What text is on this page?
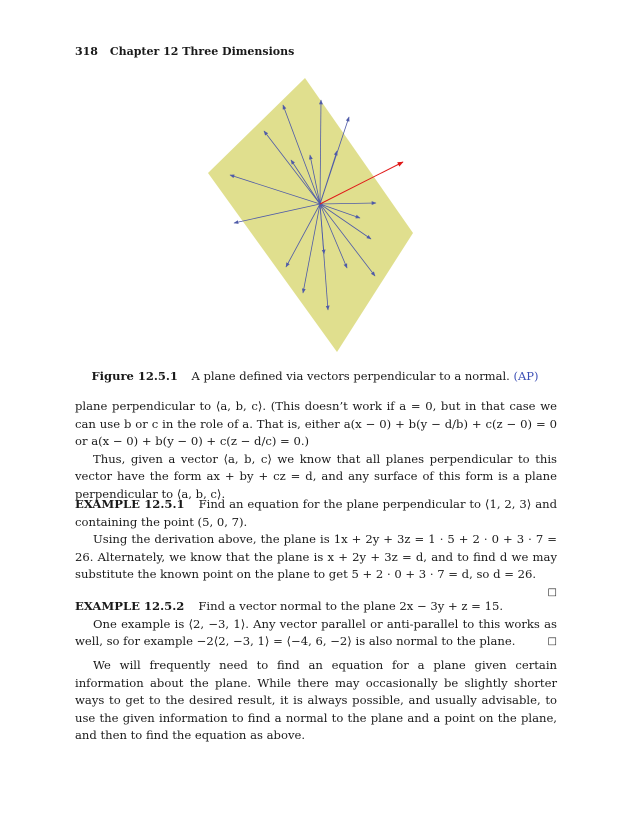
318 Chapter 12 Three Dimensions
Figure 12.5.1 A plane defined via vectors perpendicular to a normal. (AP)

plane perpendicular to ⟨a, b, c⟩. (This doesn’t work if a = 0, but in that case we can use b or c in the role of a. That is, either a(x − 0) + b(y − d/b) + c(z − 0) = 0 or a(x − 0) + b(y − 0) + c(z − d/c) = 0.)

Thus, given a vector ⟨a, b, c⟩ we know that all planes perpendicular to this vector have the form ax + by + cz = d, and any surface of this form is a plane perpendicular to ⟨a, b, c⟩.

EXAMPLE 12.5.1 Find an equation for the plane perpendicular to ⟨1, 2, 3⟩ and containing the point (5, 0, 7).

Using the derivation above, the plane is 1x + 2y + 3z = 1 · 5 + 2 · 0 + 3 · 7 = 26. Alternately, we know that the plane is x + 2y + 3z = d, and to find d we may substitute the known point on the plane to get 5 + 2 · 0 + 3 · 7 = d, so d = 26.
□

EXAMPLE 12.5.2 Find a vector normal to the plane 2x − 3y + z = 15.

One example is ⟨2, −3, 1⟩. Any vector parallel or anti-parallel to this works as well, so for example −2⟨2, −3, 1⟩ = ⟨−4, 6, −2⟩ is also normal to the plane.	□

We will frequently need to find an equation for a plane given certain information about the plane. While there may occasionally be slightly shorter ways to get to the desired result, it is always possible, and usually advisable, to use the given information to find a normal to the plane and a point on the plane, and then to find the equation as above.
